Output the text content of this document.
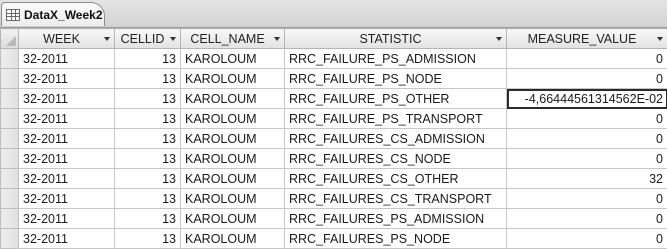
DataX_Week2

	WEEK	CELLID	CELL_NAME	STATISTIC	MEASURE_VALUE

	32-2011	13	KAROLOUM	RRC_FAILURE_PS_ADMISSION	0
	32-2011	13	KAROLOUM	RRC_FAILURE_PS_NODE	0
	32-2011	13	KAROLOUM	RRC_FAILURE_PS_OTHER	-4,66444561314562E-02
	32-2011	13	KAROLOUM	RRC_FAILURE_PS_TRANSPORT	0
	32-2011	13	KAROLOUM	RRC_FAILURES_CS_ADMISSION	0
	32-2011	13	KAROLOUM	RRC_FAILURES_CS_NODE	0
	32-2011	13	KAROLOUM	RRC_FAILURES_CS_OTHER	32
	32-2011	13	KAROLOUM	RRC_FAILURES_CS_TRANSPORT	0
	32-2011	13	KAROLOUM	RRC_FAILURES_PS_ADMISSION	0
	32-2011	13	KAROLOUM	RRC_FAILURES_PS_NODE	0
